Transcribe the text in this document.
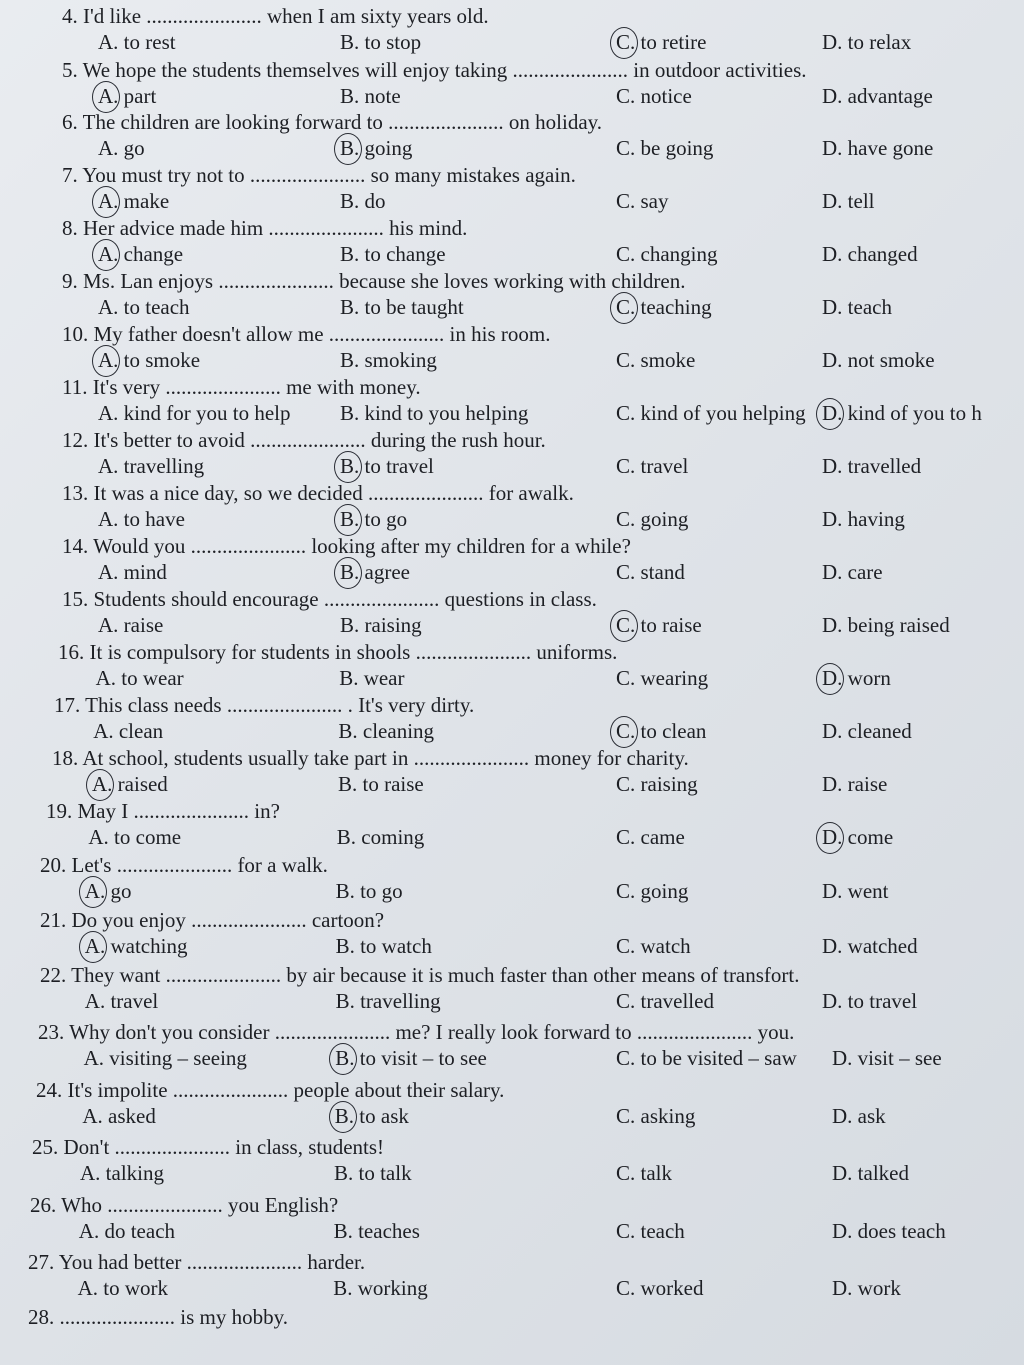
4. I'd like ...................... when I am sixty years old.
A. to rest	B. to stop	C. to retire	D. to relax
5. We hope the students themselves will enjoy taking ...................... in outdoor activities.
A. part	B. note	C. notice	D. advantage
6. The children are looking forward to ...................... on holiday.
A. go	B. going	C. be going	D. have gone
7. You must try not to ...................... so many mistakes again.
A. make	B. do	C. say	D. tell
8. Her advice made him ...................... his mind.
A. change	B. to change	C. changing	D. changed
9. Ms. Lan enjoys ...................... because she loves working with children.
A. to teach	B. to be taught	C. teaching	D. teach
10. My father doesn't allow me ...................... in his room.
A. to smoke	B. smoking	C. smoke	D. not smoke
11. It's very ...................... me with money.
A. kind for you to help B. kind to you helping	C. kind of you helping D. kind of you to h
12. It's better to avoid ...................... during the rush hour.
A. travelling	B. to travel	C. travel	D. travelled
13. It was a nice day, so we decided ...................... for awalk.
A. to have	B. to go	C. going	D. having
14. Would you ...................... looking after my children for a while?
A. mind	B. agree	C. stand	D. care
15. Students should encourage ...................... questions in class.
A. raise	B. raising	C. to raise	D. being raised
16. It is compulsory for students in shools ...................... uniforms.
A. to wear	B. wear	C. wearing	D. worn
17. This class needs ...................... . It's very dirty.
A. clean	B. cleaning	C. to clean	D. cleaned
18. At school, students usually take part in ...................... money for charity.
A. raised	B. to raise	C. raising	D. raise
19. May I ...................... in?
A. to come	B. coming	C. came	D. come
20. Let's ...................... for a walk.
A. go	B. to go	C. going	D. went
21. Do you enjoy ...................... cartoon?
A. watching	B. to watch	C. watch	D. watched
22. They want ...................... by air because it is much faster than other means of transfort.
A. travel	B. travelling	C. travelled	D. to travel
23. Why don't you consider ...................... me? I really look forward to ...................... you.
A. visiting – seeing	B. to visit – to see	C. to be visited – saw D. visit – see
24. It's impolite ...................... people about their salary.
A. asked	B. to ask	C. asking	D. ask
25. Don't ...................... in class, students!
A. talking	B. to talk	C. talk	D. talked
26. Who ...................... you English?
A. do teach	B. teaches	C. teach	D. does teach
27. You had better ...................... harder.
A. to work	B. working	C. worked	D. work
28. ...................... is my hobby.
